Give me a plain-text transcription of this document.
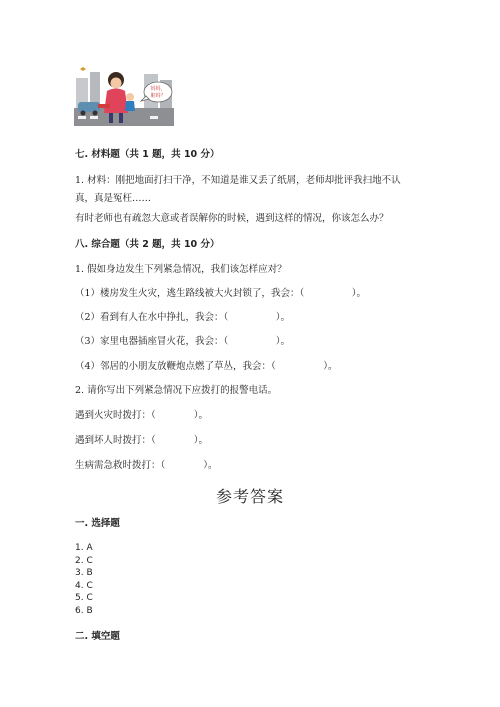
妈妈，
脏吗？
七. 材料题（共 1 题，共 10 分）
1. 材料：刚把地面打扫干净，不知道是谁又丢了纸屑，老师却批评我扫地不认
真，真是冤枉……
有时老师也有疏忽大意或者误解你的时候，遇到这样的情况，你该怎么办？
八. 综合题（共 2 题，共 10 分）
1. 假如身边发生下列紧急情况，我们该怎样应对？
（1）楼房发生火灾，逃生路线被大火封锁了，我会：（　　　　　）。
（2）看到有人在水中挣扎，我会：（　　　　　）。
（3）家里电器插座冒火花，我会：（　　　　　）。
（4）邻居的小朋友放鞭炮点燃了草丛，我会：（　　　　　）。
2. 请你写出下列紧急情况下应拨打的报警电话。
遇到火灾时拨打：（　　　　）。
遇到坏人时拨打：（　　　　）。
生病需急救时拨打：（　　　　）。
参考答案
一. 选择题
1. A
2. C
3. B
4. C
5. C
6. B
二. 填空题
